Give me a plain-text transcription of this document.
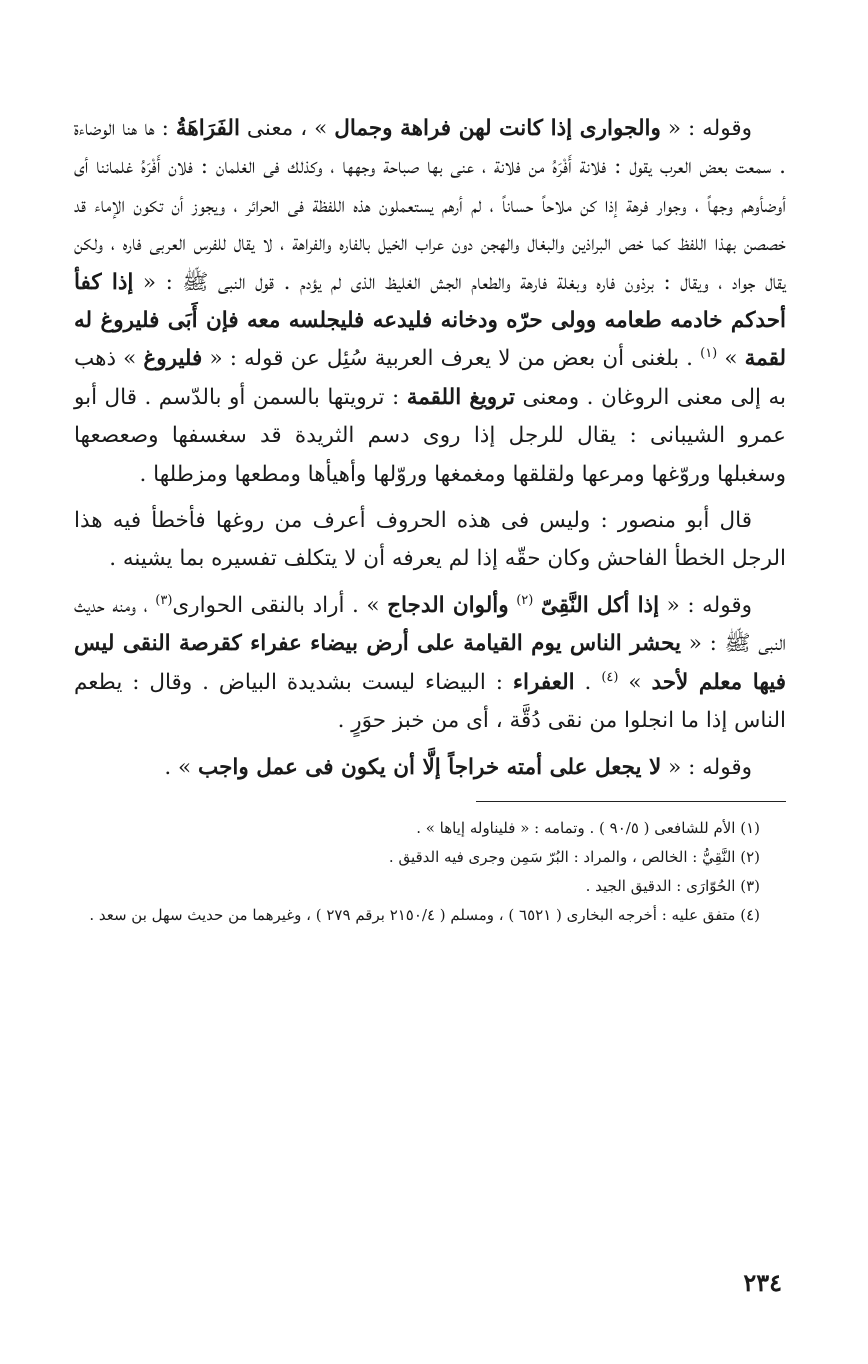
وقوله : « والجوارى إذا كانت لهن فراهة وجمال » ، معنى الفَرَاهَةُ : ها هنا الوضاءة . سمعت بعض العرب يقول : فلانة أَفْرَهُ من فلانة ، عنى بها صباحة وجهها ، وكذلك فى الغلمان : فلان أَفْرَهُ غلماننا أى أوضأوهم وجهاً ، وجوار فرهة إذا كن ملاحاً حساناً ، لم أرهم يستعملون هذه اللفظة فى الحرائر ، ويجوز أن تكون الإماء قد خصصن بهذا اللفظ كما خص البراذين والبغال والهجن دون عراب الخيل بالفاره والفراهة ، لا يقال للفرس العربى فاره ، ولكن يقال جواد ، ويقال : برذون فاره وبغلة فارهة والطعام الجش الغليظ الذى لم يؤدم . قول النبى ﷺ : « إذا كفأ أحدكم خادمه طعامه وولى حرّه ودخانه فليدعه فليجلسه معه فإن أَبَى فليروغ له لقمة » $^{(١)}$ . بلغنى أن بعض من لا يعرف العربية سُئِل عن قوله : « فليروغ » ذهب به إلى معنى الروغان . ومعنى ترويغ اللقمة : ترويتها بالسمن أو بالدّسم . قال أبو عمرو الشيبانى : يقال للرجل إذا روى دسم الثريدة قد سغسفها وصعصعها وسغبلها وروّغها ومرعها ولقلقها ومغمغها وروّلها وأهيأها ومطعها ومزطلها .

قال أبو منصور : وليس فى هذه الحروف أعرف من روغها فأخطأ فيه هذا الرجل الخطأ الفاحش وكان حقّه إذا لم يعرفه أن لا يتكلف تفسيره بما يشينه .

وقوله : « إذا أكل النَّقِىّ $^{(٢)}$ وألوان الدجاج » . أراد بالنقى الحوارى$^{(٣)}$ ، ومنه حديث النبى ﷺ : « يحشر الناس يوم القيامة على أرض بيضاء عفراء كقرصة النقى ليس فيها معلم لأحد » $^{(٤)}$ . العفراء : البيضاء ليست بشديدة البياض . وقال : يطعم الناس إذا ما انجلوا من نقى دُقَّة ، أى من خبز حوَرٍ .

وقوله : « لا يجعل على أمته خراجاً إلَّا أن يكون فى عمل واجب » .

(١) الأم للشافعى ( ٩٠/٥ ) . وتمامه : « فليناوله إياها » .

(٢) النَّقِيُّ : الخالص ، والمراد : البُرّ سَمِن وجرى فيه الدقيق .

(٣) الحُوّارَى : الدقيق الجيد .

(٤) متفق عليه : أخرجه البخارى ( ٦٥٢١ ) ، ومسلم ( ٢١٥٠/٤ برقم ٢٧٩ ) ، وغيرهما من حديث سهل بن سعد .

٢٣٤
